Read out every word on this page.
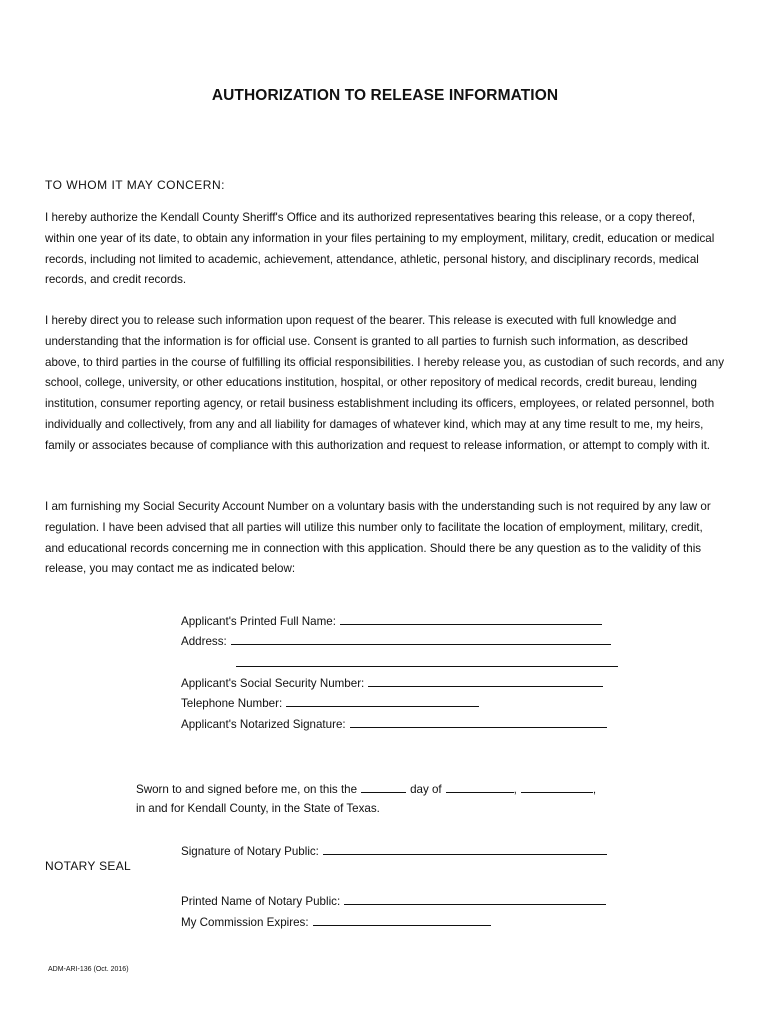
AUTHORIZATION TO RELEASE INFORMATION
TO WHOM IT MAY CONCERN:

I hereby authorize the Kendall County Sheriff's Office and its authorized representatives bearing this release, or a copy thereof, within one year of its date, to obtain any information in your files pertaining to my employment, military, credit, education or medical records, including not limited to academic, achievement, attendance, athletic, personal history, and disciplinary records, medical records, and credit records.

I hereby direct you to release such information upon request of the bearer. This release is executed with full knowledge and understanding that the information is for official use. Consent is granted to all parties to furnish such information, as described above, to third parties in the course of fulfilling its official responsibilities. I hereby release you, as custodian of such records, and any school, college, university, or other educations institution, hospital, or other repository of medical records, credit bureau, lending institution, consumer reporting agency, or retail business establishment including its officers, employees, or related personnel, both individually and collectively, from any and all liability for damages of whatever kind, which may at any time result to me, my heirs, family or associates because of compliance with this authorization and request to release information, or attempt to comply with it.

I am furnishing my Social Security Account Number on a voluntary basis with the understanding such is not required by any law or regulation. I have been advised that all parties will utilize this number only to facilitate the location of employment, military, credit, and educational records concerning me in connection with this application. Should there be any question as to the validity of this release, you may contact me as indicated below:

Applicant's Printed Full Name:
Address:
Applicant's Social Security Number:
Telephone Number:
Applicant's Notarized Signature:
Sworn to and signed before me, on this the	day of	,	,
in and for Kendall County, in the State of Texas.
Signature of Notary Public:
NOTARY SEAL
Printed Name of Notary Public:
My Commission Expires:
ADM-ARI-136 (Oct. 2016)
